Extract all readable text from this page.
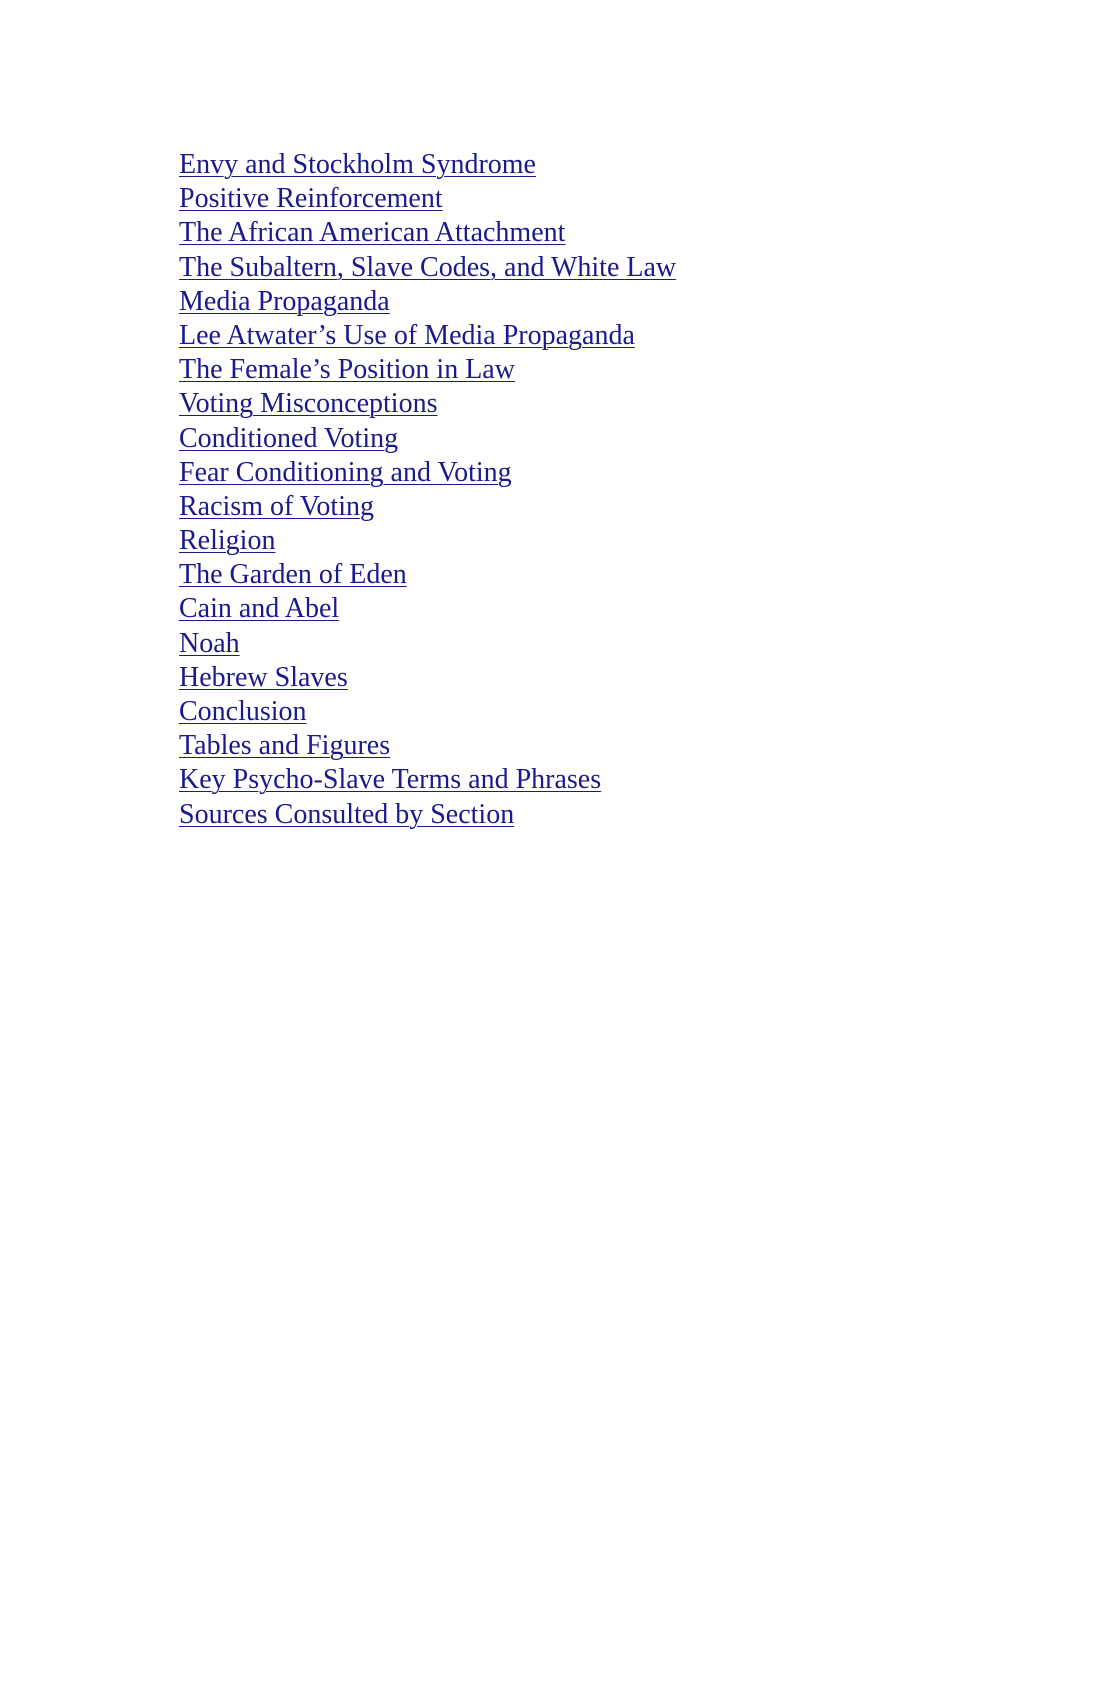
Envy and Stockholm Syndrome
Positive Reinforcement
The African American Attachment
The Subaltern, Slave Codes, and White Law
Media Propaganda
Lee Atwater’s Use of Media Propaganda
The Female’s Position in Law
Voting Misconceptions
Conditioned Voting
Fear Conditioning and Voting
Racism of Voting
Religion
The Garden of Eden
Cain and Abel
Noah
Hebrew Slaves
Conclusion
Tables and Figures
Key Psycho-Slave Terms and Phrases
Sources Consulted by Section
